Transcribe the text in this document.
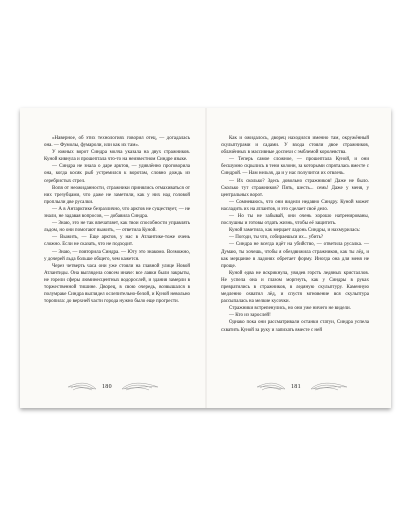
«Наверное, об этих технологиях говорил отец, — догадалась она. — Фумолы, фумароли, или как их там».

У южных ворот Синдра молча указала на двух стражников. Куной кивнула и прошептала что-то на неизвестном Синдре языке.

— Синдра не знала о даре арктов, — удивлённо проговорила она, когда косяк рыб устремился к воротам, словно дождь из серебристых стрел.

Вопя от неожиданности, стражники принялись отмахиваться от них трезубцами, что даже не заметили, как у них над головой проплыли две русалки.

— А в Антарктике безразлично, что арктов не существует, — не знали, не задавая вопросов, — добавила Синдра.

— Знаю, это не так впечатляет, как твои способности управлять льдом, но они помогают выжить, — ответила Куной.

— Выжить, — Еще арктов, у нас в Атлантике-тоже очень сложно. Если не сказать, что не подходит.

— Знаю, — повторила Синдра. — Югу это знакомо. Возможно, у дочерей льда больше общего, чем кажется.

Через четверть часа они уже стояли на главной улице Новой Атлантиды. Она выглядела совсем иначе: все лавки были закрыты, не горели сферы люминесцентных водорослей, и здания замерли в торжественной тишине. Дворец, в свою очередь, возвышался в полумраке Синдра выглядел ослепительно-белой, и Куной невольно торопила: до верхней части города нужно было еще прогрести.

180

Как и ожидалось, дворец находился именно там, окружённый скульптурами и садами. У входа стояли двое стражников, облачённых в массивные доспехи с эмблемой королевства.

— Теперь самое сложное, — прошептала Куной, и они бесшумно скрылись в тени колонн, за которыми спряталась вместе с Синдрой. — Нам нельзя, да и у нас получится их отвлечь.

— Их сколько? Здесь довольно стражников! Даже не было. Сколько тут стражников? Пять, шесть... семь! Даже у меня, у центральных ворот.

— Сомневаюсь, что они видели недавно Синдру. Куной может насладить их на атлантов, и это сделает своё дело.

— Но ты не забывай, они очень хорошо натренированы, послушны и готовы отдать жизнь, чтобы её защитить.

Куной заметила, как мерцает ладонь Синдры, и нахмурилась:

— Погоди, ты что, собираешься их... убить?

— Синдра не всегда идёт на убийство, — ответила русалка. — Думаю, ты хочешь, чтобы я обездвижила стражников, как ты лёд, и как мерцание в ладонях обретает форму. Иногда она для меня не проще.

Куной едва не вскрикнула, увидев горсть ледяных кристаллов. Не успела она и глазом моргнуть, как у Синдры в руках превратились в стражников, в ледяную скульптуру. Каменную медленно охватил лёд, и спустя мгновение вся скульптура рассыпалась на мелкие кусочки.

Стражники встрепенулись, но они уже ничего не видели.

— Кто из зарослей!

Однако пока они рассматривали останки статуи, Синдра успела схватить Куной за руку и запихать вместе с ней

181
